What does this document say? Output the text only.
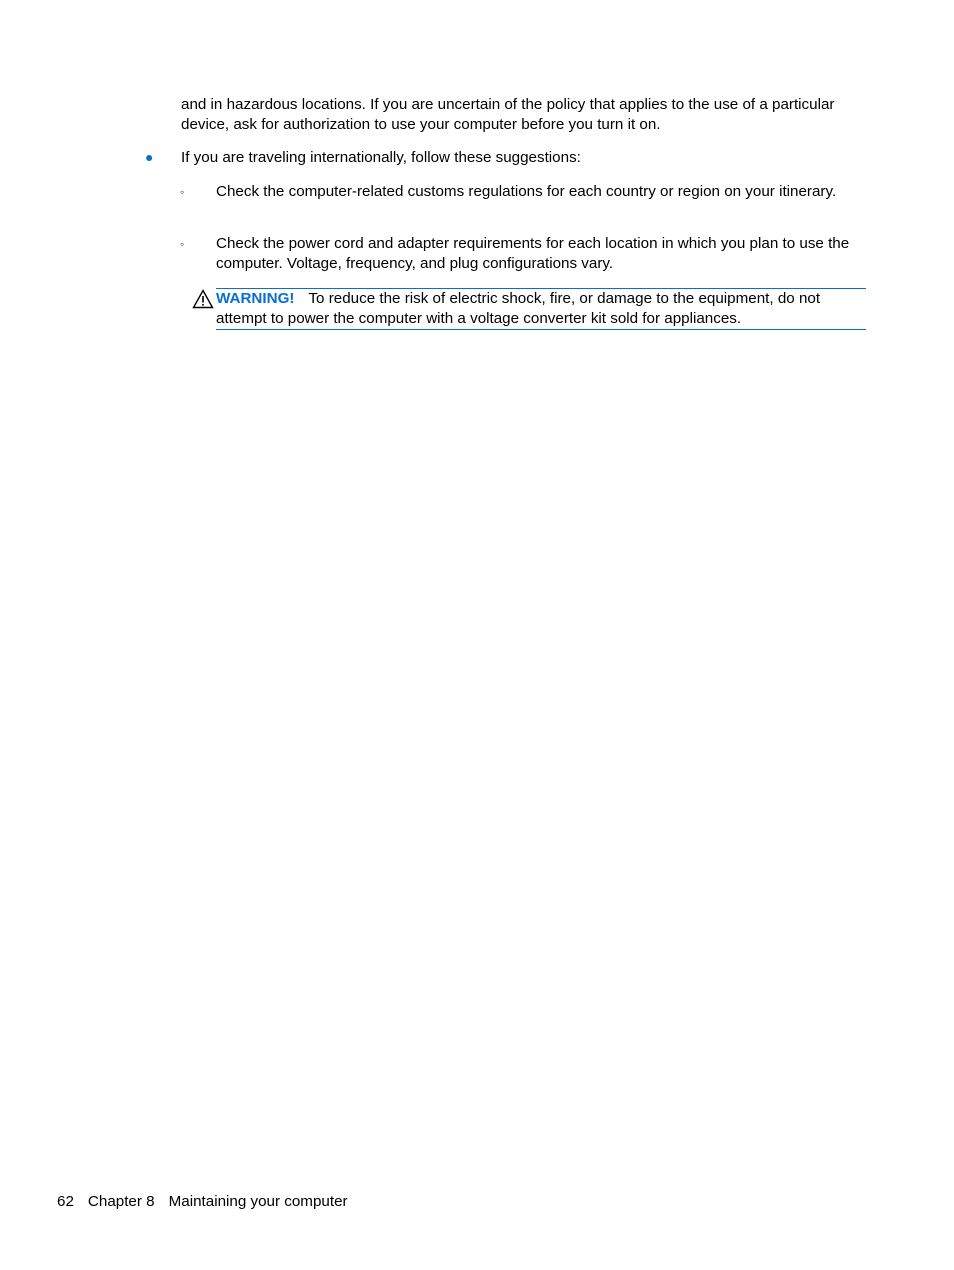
and in hazardous locations. If you are uncertain of the policy that applies to the use of a particular device, ask for authorization to use your computer before you turn it on.

● If you are traveling internationally, follow these suggestions:

◦ Check the computer-related customs regulations for each country or region on your itinerary.

◦ Check the power cord and adapter requirements for each location in which you plan to use the computer. Voltage, frequency, and plug configurations vary.

WARNING! To reduce the risk of electric shock, fire, or damage to the equipment, do not attempt to power the computer with a voltage converter kit sold for appliances.

62 Chapter 8 Maintaining your computer
